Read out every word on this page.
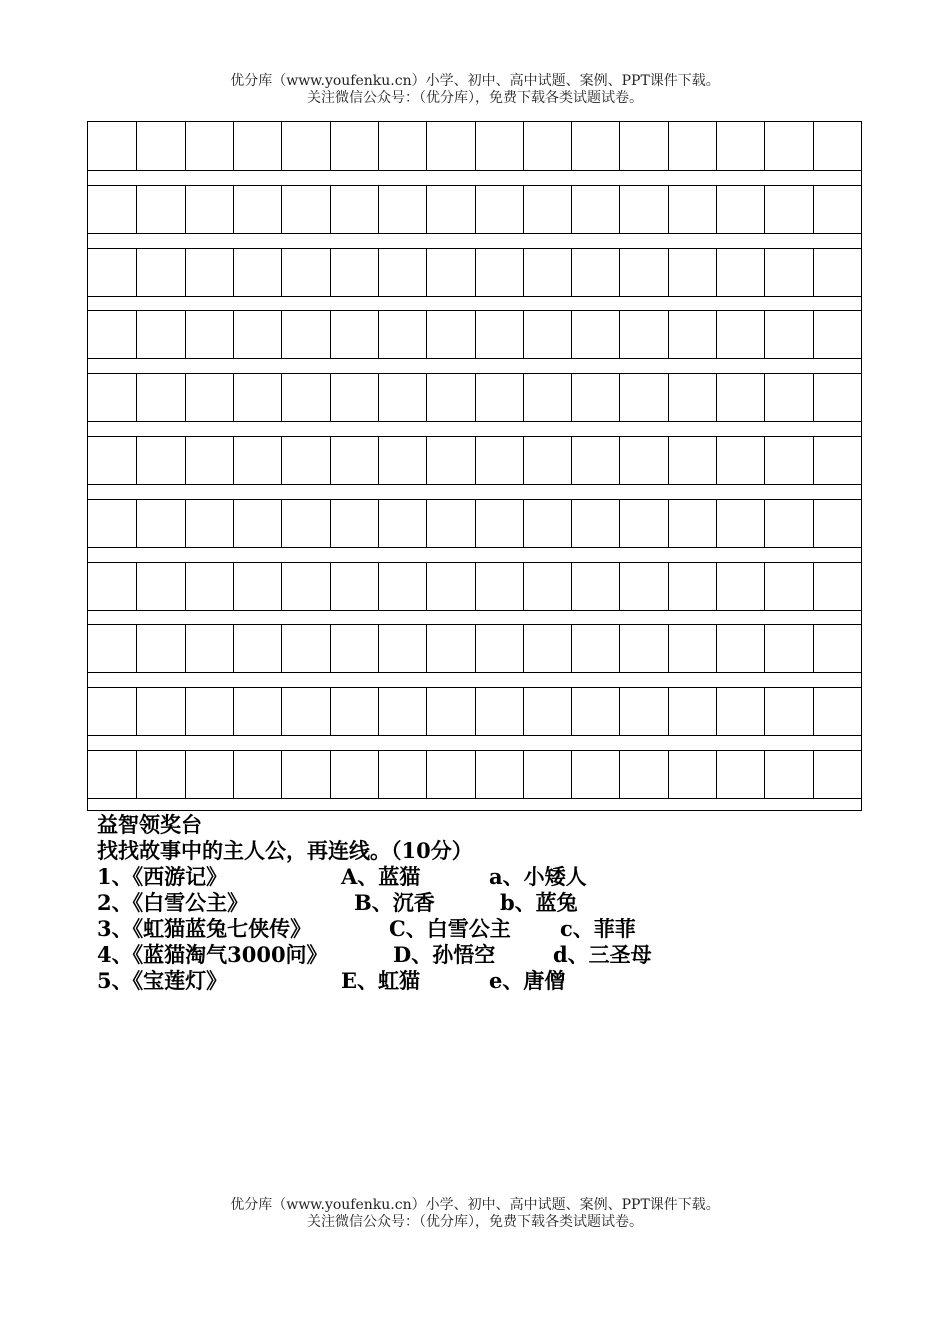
优分库（www.youfenku.cn）小学、初中、高中试题、案例、PPT课件下载。
关注微信公众号：（优分库），免费下载各类试题试卷。
益智领奖台
找找故事中的主人公，再连线。（10分）
1、《西游记》	A、蓝猫	a、小矮人
2、《白雪公主》	B、沉香	b、蓝兔
3、《虹猫蓝兔七侠传》	C、白雪公主 c、菲菲
4、《蓝猫淘气3000问》	D、孙悟空	d、三圣母
5、《宝莲灯》	E、虹猫	e、唐僧
优分库（www.youfenku.cn）小学、初中、高中试题、案例、PPT课件下载。
关注微信公众号：（优分库），免费下载各类试题试卷。
